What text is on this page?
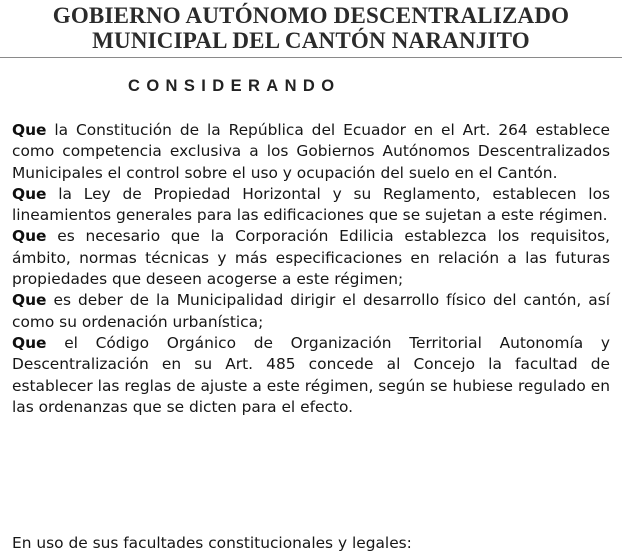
GOBIERNO AUTÓNOMO DESCENTRALIZADO
MUNICIPAL DEL CANTÓN NARANJITO
CONSIDERANDO

Que la Constitución de la República del Ecuador en el Art. 264 establece como competencia exclusiva a los Gobiernos Autónomos Descentralizados Municipales el control sobre el uso y ocupación del suelo en el Cantón.

Que la Ley de Propiedad Horizontal y su Reglamento, establecen los lineamientos generales para las edificaciones que se sujetan a este régimen.

Que es necesario que la Corporación Edilicia establezca los requisitos, ámbito, normas técnicas y más especificaciones en relación a las futuras propiedades que deseen acogerse a este régimen;

Que es deber de la Municipalidad dirigir el desarrollo físico del cantón, así como su ordenación urbanística;

Que el Código Orgánico de Organización Territorial Autonomía y Descentralización en su Art. 485 concede al Concejo la facultad de establecer las reglas de ajuste a este régimen, según se hubiese regulado en las ordenanzas que se dicten para el efecto.

En uso de sus facultades constitucionales y legales:
